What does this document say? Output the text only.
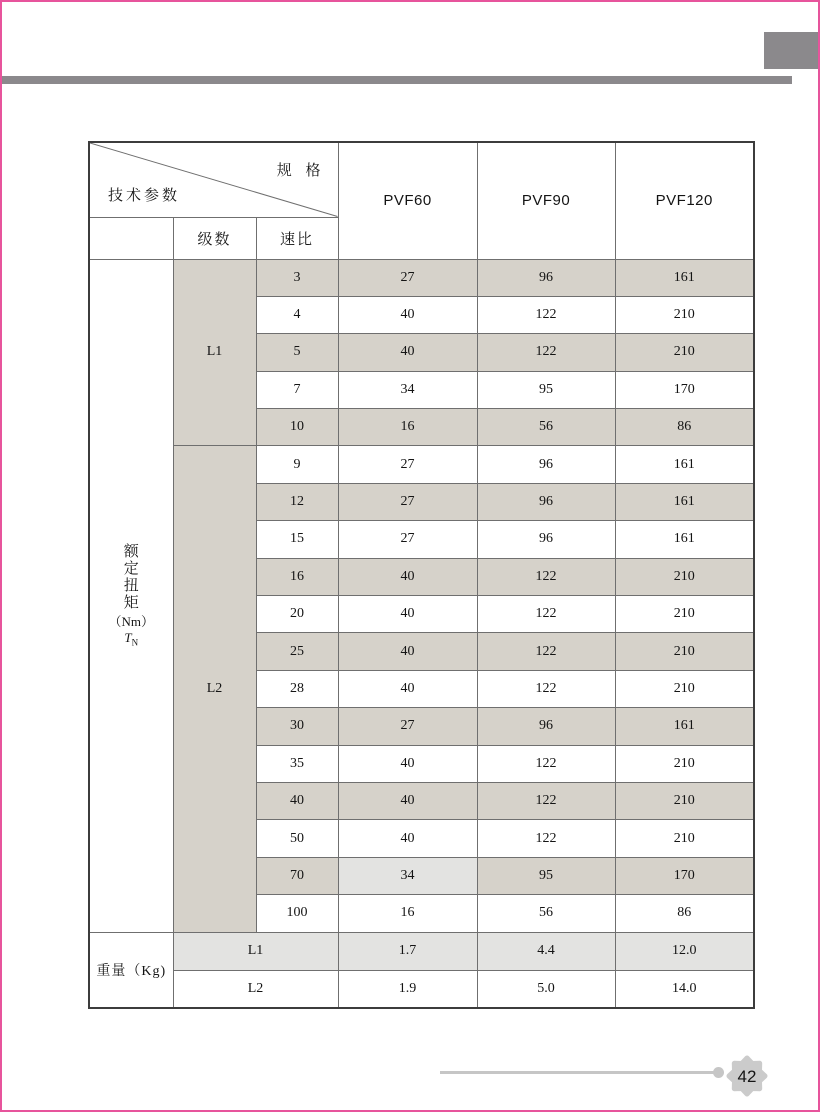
技术参数
规 格			PVF60	PVF90	PVF120
	级数	速比			

额
定
扭
矩
（Nm）
$T_N$
	L1	3	27	96	161
		4	40	122	210
		5	40	122	210
		7	34	95	170
		10	16	56	86
	L2	9	27	96	161
		12	27	96	161
		15	27	96	161
		16	40	122	210
		20	40	122	210
		25	40	122	210
		28	40	122	210
		30	27	96	161
		35	40	122	210
		40	40	122	210
		50	40	122	210
		70	34	95	170
		100	16	56	86
重量（Kg)	L1		1.7	4.4	12.0
	L2		1.9	5.0	14.0
42
